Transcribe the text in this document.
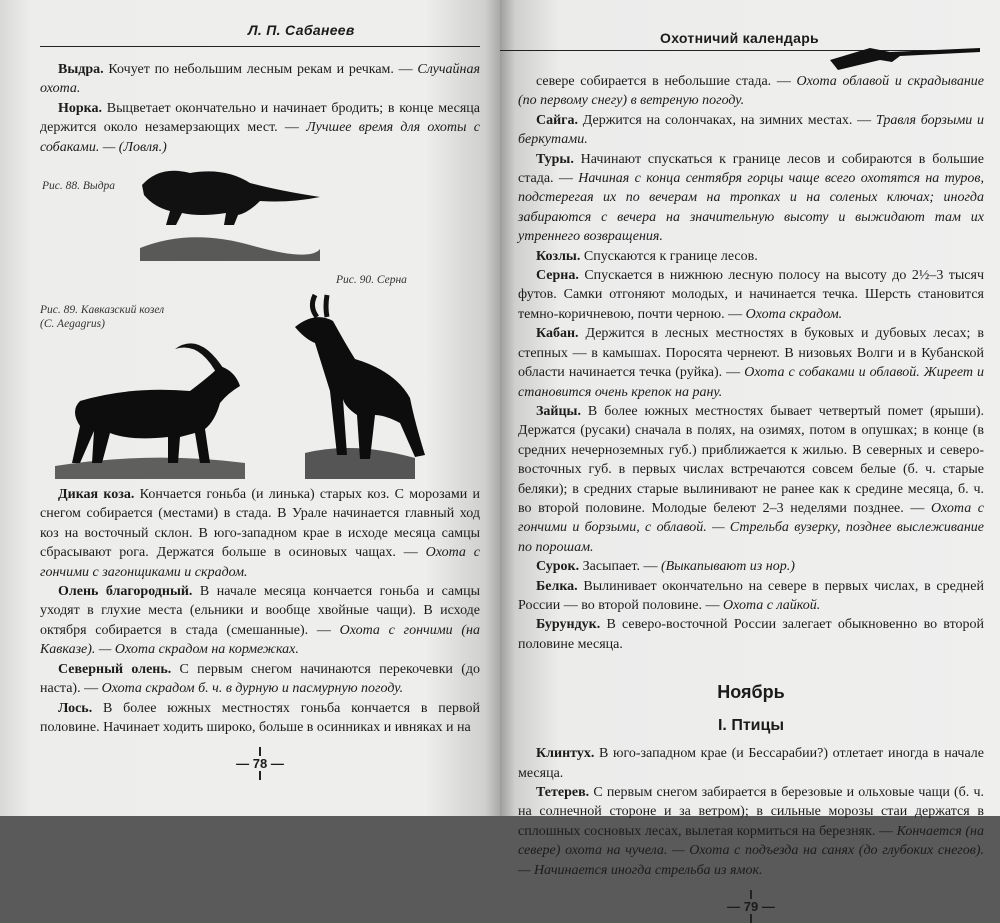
Л. П. Сабанеев

Выдра. Кочует по небольшим лесным рекам и речкам. — Случайная охота.

Норка. Выцветает окончательно и начинает бродить; в конце месяца держится около незамерзающих мест. — Лучшее время для охоты с собаками. — (Ловля.)

Рис. 88. Выдра
Рис. 90. Серна
Рис. 89. Кавказский козел (C. Aegagrus)

Дикая коза. Кончается гоньба (и линька) старых коз. С морозами и снегом собирается (местами) в стада. В Урале начинается главный ход коз на восточный склон. В юго-западном крае в исходе месяца самцы сбрасывают рога. Держатся больше в осиновых чащах. — Охота с гончими с загонщиками и скрадом.

Олень благородный. В начале месяца кончается гоньба и самцы уходят в глухие места (ельники и вообще хвойные чащи). В исходе октября собирается в стада (смешанные). — Охота с гончими (на Кавказе). — Охота скрадом на кормежках.

Северный олень. С первым снегом начинаются перекочевки (до наста). — Охота скрадом б. ч. в дурную и пасмурную погоду.

Лось. В более южных местностях гоньба кончается в первой половине. Начинает ходить широко, больше в осинниках и ивняках и на

— 78 —
Охотничий календарь

севере собирается в небольшие стада. — Охота облавой и скрадывание (по первому снегу) в ветреную погоду.

Сайга. Держится на солончаках, на зимних местах. — Травля борзыми и беркутами.

Туры. Начинают спускаться к границе лесов и собираются в большие стада. — Начиная с конца сентября горцы чаще всего охотятся на туров, подстерегая их по вечерам на тропках и на соленых ключах; иногда забираются с вечера на значительную высоту и выжидают там их утреннего возвращения.

Козлы. Спускаются к границе лесов.

Серна. Спускается в нижнюю лесную полосу на высоту до 2½–3 тысяч футов. Самки отгоняют молодых, и начинается течка. Шерсть становится темно-коричневою, почти черною. — Охота скрадом.

Кабан. Держится в лесных местностях в буковых и дубовых лесах; в степных — в камышах. Поросята чернеют. В низовьях Волги и в Кубанской области начинается течка (руйка). — Охота с собаками и облавой. Жиреет и становится очень крепок на рану.

Зайцы. В более южных местностях бывает четвертый помет (ярыши). Держатся (русаки) сначала в полях, на озимях, потом в опушках; в конце (в средних нечерноземных губ.) приближается к жилью. В северных и северо-восточных губ. в первых числах встречаются совсем белые (б. ч. старые беляки); в средних старые вылинивают не ранее как к средине месяца, б. ч. во второй половине. Молодые белеют 2–3 неделями позднее. — Охота с гончими и борзыми, с облавой. — Стрельба вузерку, позднее выслеживание по порошам.

Сурок. Засыпает. — (Выкапывают из нор.)

Белка. Вылинивает окончательно на севере в первых числах, в средней России — во второй половине. — Охота с лайкой.

Бурундук. В северо-восточной России залегает обыкновенно во второй половине месяца.

Ноябрь
I. Птицы

Клинтух. В юго-западном крае (и Бессарабии?) отлетает иногда в начале месяца.

Тетерев. С первым снегом забирается в березовые и ольховые чащи (б. ч. на солнечной стороне и за ветром); в сильные морозы стаи держатся в сплошных сосновых лесах, вылетая кормиться на березняк. — Кончается (на севере) охота на чучела. — Охота с подъезда на санях (до глубоких снегов). — Начинается иногда стрельба из ямок.

— 79 —
